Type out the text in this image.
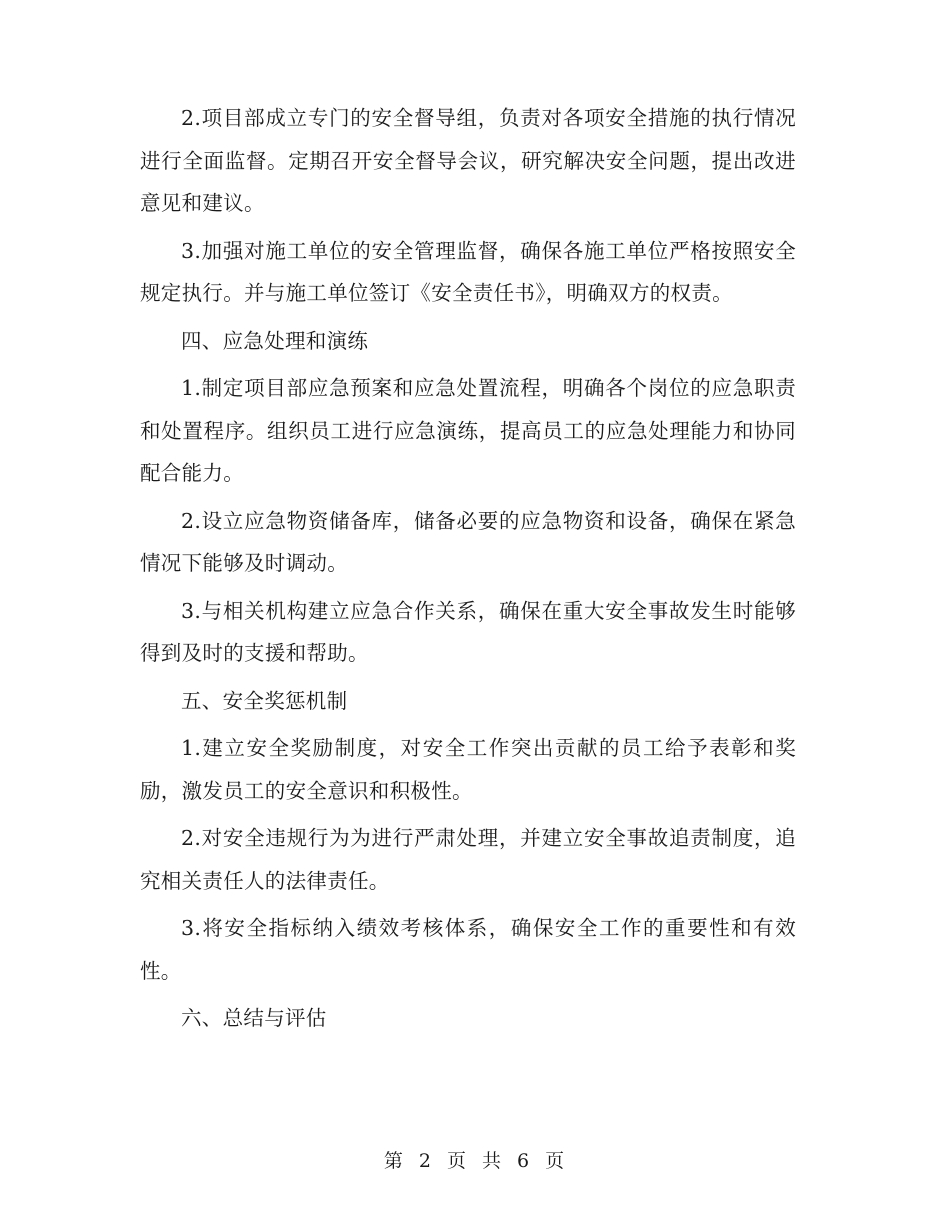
2.项目部成立专门的安全督导组，负责对各项安全措施的执行情况进行全面监督。定期召开安全督导会议，研究解决安全问题，提出改进意见和建议。

3.加强对施工单位的安全管理监督，确保各施工单位严格按照安全规定执行。并与施工单位签订《安全责任书》，明确双方的权责。

四、应急处理和演练

1.制定项目部应急预案和应急处置流程，明确各个岗位的应急职责和处置程序。组织员工进行应急演练，提高员工的应急处理能力和协同配合能力。

2.设立应急物资储备库，储备必要的应急物资和设备，确保在紧急情况下能够及时调动。

3.与相关机构建立应急合作关系，确保在重大安全事故发生时能够得到及时的支援和帮助。

五、安全奖惩机制

1.建立安全奖励制度，对安全工作突出贡献的员工给予表彰和奖励，激发员工的安全意识和积极性。

2.对安全违规行为为进行严肃处理，并建立安全事故追责制度，追究相关责任人的法律责任。

3.将安全指标纳入绩效考核体系，确保安全工作的重要性和有效性。

六、总结与评估

第 2 页 共 6 页
